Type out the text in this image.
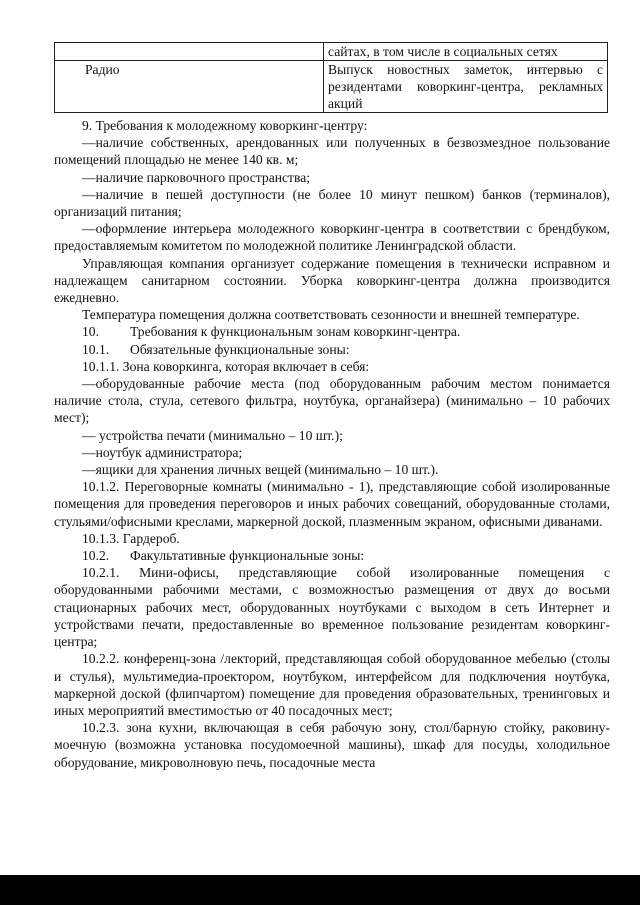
	сайтах, в том числе в социальных сетях
Радио	Выпуск новостных заметок, интервью с резидентами коворкинг-центра, рекламных акций

9. Требования к молодежному коворкинг-центру:

—наличие собственных, арендованных или полученных в безвозмездное пользование помещений площадью не менее 140 кв. м;

—наличие парковочного пространства;

—наличие в пешей доступности (не более 10 минут пешком) банков (терминалов), организаций питания;

—оформление интерьера молодежного коворкинг-центра в соответствии с брендбуком, предоставляемым комитетом по молодежной политике Ленинградской области.

Управляющая компания организует содержание помещения в технически исправном и надлежащем санитарном состоянии. Уборка коворкинг-центра должна производится ежедневно.

Температура помещения должна соответствовать сезонности и внешней температуре.

10. Требования к функциональным зонам коворкинг-центра.

10.1. Обязательные функциональные зоны:

10.1.1. Зона коворкинга, которая включает в себя:

—оборудованные рабочие места (под оборудованным рабочим местом понимается наличие стола, стула, сетевого фильтра, ноутбука, органайзера) (минимально – 10 рабочих мест);

— устройства печати (минимально – 10 шт.);

—ноутбук администратора;

—ящики для хранения личных вещей (минимально – 10 шт.).

10.1.2. Переговорные комнаты (минимально - 1), представляющие собой изолированные помещения для проведения переговоров и иных рабочих совещаний, оборудованные столами, стульями/офисными креслами, маркерной доской, плазменным экраном, офисными диванами.

10.1.3. Гардероб.

10.2. Факультативные функциональные зоны:

10.2.1. Мини-офисы, представляющие собой изолированные помещения с оборудованными рабочими местами, с возможностью размещения от двух до восьми стационарных рабочих мест, оборудованных ноутбуками с выходом в сеть Интернет и устройствами печати, предоставленные во временное пользование резидентам коворкинг-центра;

10.2.2. конференц-зона /лекторий, представляющая собой оборудованное мебелью (столы и стулья), мультимедиа-проектором, ноутбуком, интерфейсом для подключения ноутбука, маркерной доской (флипчартом) помещение для проведения образовательных, тренинговых и иных мероприятий вместимостью от 40 посадочных мест;

10.2.3. зона кухни, включающая в себя рабочую зону, стол/барную стойку, раковину-моечную (возможна установка посудомоечной машины), шкаф для посуды, холодильное оборудование, микроволновую печь, посадочные места
